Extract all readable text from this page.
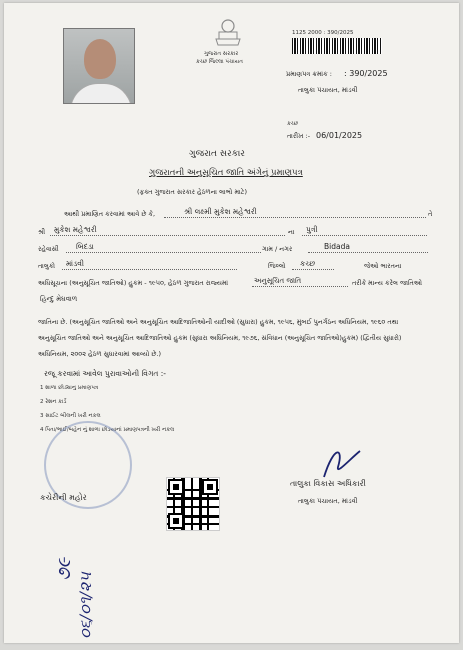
ગુજરાત સરકાર
કચ્છ જિલ્લા પંચાયત
1125 2000 : 390/2025
પ્રમાણપત્ર ક્રમાંક : : 390/2025
તાલુકા પંચાયત, માંડવી
કચ્છ
તારીખ :- 06/01/2025
ગુજરાત સરકાર
ગુજરાતની અનુસૂચિત જાતિ અંગેનું પ્રમાણપત્ર
(ફક્ત ગુજરાત સરકાર હેઠળના લાભો માટે)
આથી પ્રમાણિત કરવામાં આવે છે કે,	શ્રી લક્ષ્મી મુકેશ મહેશ્વરી	તે
શ્રી મુકેશ મહેશ્વરી	ના પુત્રી
રહેવાસી બિદડા	ગામ / નગર	Bidada
તાલુકો માંડવી	જિલ્લો કચ્છ	જેઓ ભારતના
અધિસૂચના (અનુસૂચિત જાતિઓ) હુકમ - ૧૯૫૦, હેઠળ ગુજરાત રાજ્યમાં	અનુસૂચિત જાતિ	તરીકે માન્ય કરેલ જાતિઓ
હિન્દુ મેઘવાળ
જાતિના છે. (અનુસૂચિત જાતિઓ અને અનુસૂચિત આદિજાતિઓની યાદીઓ (સુધારા) હુકમ, ૧૯૫૬, મુંબઈ પુનર્ગઠન અધિનિયમ, ૧૯૬૦ તથા
અનુસૂચિત જાતિઓ અને અનુસૂચિત આદિજાતિઓ હુકમ (સુધારા અધિનિયમ, ૧૯૭૬, સંવિધાન (અનુસૂચિત જાતિઓ)હુકમ) (દ્વિતીય સુધારો)
અધિનિયમ, ૨૦૦૨ હેઠળ સુધારવામાં આવ્યો છે.)
રજૂ કરવામાં આવેલ પુરાવાઓની વિગત :-
1 શાળા છોડ્યાનુ પ્રમાણપત્ર
2 રેશન કાર્ડ
3 સાઈટ બીલની ખરી નકલ
4 પિતા/ભાઈ/બહેન નું શાળા છોડયાનાં પ્રમાણપત્રની ખરી નકલ
કચેરીની મહોર
તાલુકા વિકાસ અધિકારી
તાલુકા પંચાયત, માંડવી
૭૯
૦૬/૦૧/૨૫
